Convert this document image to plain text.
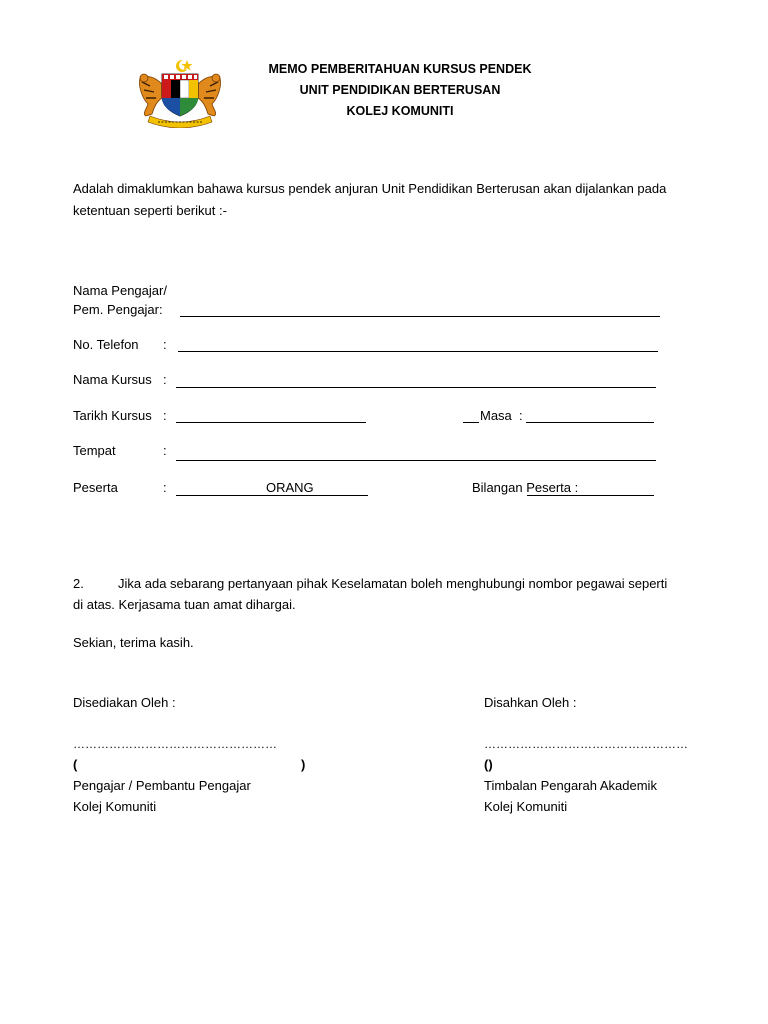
MEMO PEMBERITAHUAN KURSUS PENDEK
UNIT PENDIDIKAN BERTERUSAN
KOLEJ KOMUNITI
Adalah dimaklumkan bahawa kursus pendek anjuran Unit Pendidikan Berterusan akan dijalankan pada ketentuan seperti berikut :-
Nama Pengajar/
Pem. Pengajar:
No. Telefon :
Nama Kursus :
Tarikh Kursus :	Masa :
Tempat	:
Peserta	:	ORANG	Bilangan Peserta :
2.	Jika ada sebarang pertanyaan pihak Keselamatan boleh menghubungi nombor pegawai seperti
di atas. Kerjasama tuan amat dihargai.
Sekian, terima kasih.
Disediakan Oleh :
……………………………………………
(	)
Pengajar / Pembantu Pengajar
Kolej Komuniti
Disahkan Oleh :
……………………………………………
()
Timbalan Pengarah Akademik
Kolej Komuniti
